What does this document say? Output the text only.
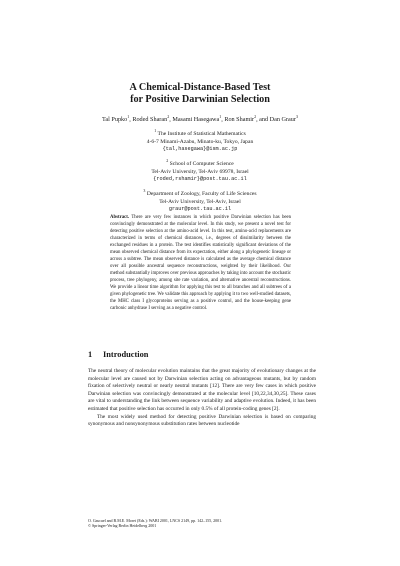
A Chemical-Distance-Based Test
for Positive Darwinian Selection
Tal Pupko$^1$, Roded Sharan$^2$, Masami Hasegawa$^1$, Ron Shamir$^2$, and Dan Graur$^3$
$^1$ The Institute of Statistical Mathematics
4-6-7 Minami-Azabu, Minato-ku, Tokyo, Japan
{tal,hasegawa}@ism.ac.jp
$^2$ School of Computer Science
Tel-Aviv University, Tel-Aviv 69978, Israel
{roded,rshamir}@post.tau.ac.il
$^3$ Department of Zoology, Faculty of Life Sciences
Tel-Aviv University, Tel-Aviv, Israel
graur@post.tau.ac.il
Abstract. There are very few instances in which positive Darwinian selection has been convincingly demonstrated at the molecular level. In this study, we present a novel test for detecting positive selection at the amino-acid level. In this test, amino-acid replacements are characterized in terms of chemical distances, i.e., degrees of dissimilarity between the exchanged residues in a protein. The test identifies statistically significant deviations of the mean observed chemical distance from its expectation, either along a phylogenetic lineage or across a subtree. The mean observed distance is calculated as the average chemical distance over all possible ancestral sequence reconstructions, weighted by their likelihood. Our method substantially improves over previous approaches by taking into account the stochastic process, tree phylogeny, among site rate variation, and alternative ancestral reconstructions. We provide a linear time algorithm for applying this test to all branches and all subtrees of a given phylogenetic tree. We validate this approach by applying it to two well-studied datasets, the MHC class I glycoproteins serving as a positive control, and the house-keeping gene carbonic anhydrase I serving as a negative control.
1 Introduction

The neutral theory of molecular evolution maintains that the great majority of evolutionary changes at the molecular level are caused not by Darwinian selection acting on advantageous mutants, but by random fixation of selectively neutral or nearly neutral mutants [12]. There are very few cases in which positive Darwinian selection was convincingly demonstrated at the molecular level [10,22,34,30,25]. These cases are vital to understanding the link between sequence variability and adaptive evolution. Indeed, it has been estimated that positive selection has occurred in only 0.5% of all protein-coding genes [2].

The most widely used method for detecting positive Darwinian selection is based on comparing synonymous and nonsynonymous substitution rates between nucleotide

O. Gascuel and B.M.E. Moret (Eds.): WABI 2001, LNCS 2149, pp. 142–155, 2001.
© Springer-Verlag Berlin Heidelberg 2001
